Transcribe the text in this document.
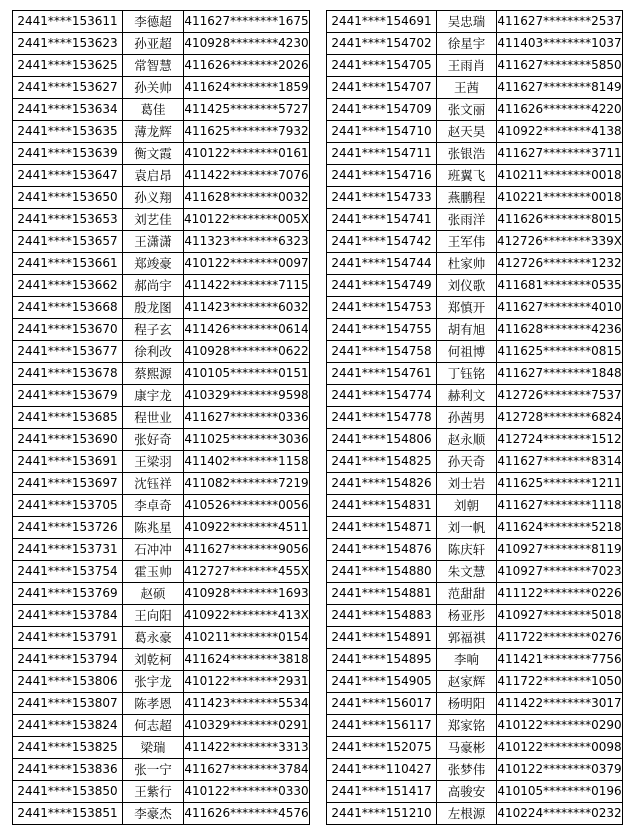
2441****153611	李德超	411627********1675
2441****153623	孙亚超	410928********4230
2441****153625	常智慧	411626********2026
2441****153627	孙关帅	411624********1859
2441****153634	葛佳	411425********5727
2441****153635	薄龙辉	411625********7932
2441****153639	衡文霞	410122********0161
2441****153647	袁启昂	411422********7076
2441****153650	孙义翔	411628********0032
2441****153653	刘艺佳	410122********005X
2441****153657	王潇潇	411323********6323
2441****153661	郑竣豪	410122********0097
2441****153662	郝尚宇	411422********7115
2441****153668	殷龙图	411423********6032
2441****153670	程子玄	411426********0614
2441****153677	徐利改	410928********0622
2441****153678	蔡熙源	410105********0151
2441****153679	康宇龙	410329********9598
2441****153685	程世业	411627********0336
2441****153690	张好奇	411025********3036
2441****153691	王梁羽	411402********1158
2441****153697	沈钰祥	411082********7219
2441****153705	李卓奇	410526********0056
2441****153726	陈兆星	410922********4511
2441****153731	石冲冲	411627********9056
2441****153754	霍玉帅	412727********455X
2441****153769	赵硕	410928********1693
2441****153784	王向阳	410922********413X
2441****153791	葛永豪	410211********0154
2441****153794	刘乾柯	411624********3818
2441****153806	张宇龙	410122********2931
2441****153807	陈孝恩	411423********5534
2441****153824	何志超	410329********0291
2441****153825	梁瑞	411422********3313
2441****153836	张一宁	411627********3784
2441****153850	王紫行	410122********0330
2441****153851	李豪杰	411626********4576
2441****154691	吴忠瑞	411627********2537
2441****154702	徐星宇	411403********1037
2441****154705	王雨肖	411627********5850
2441****154707	王茜	411627********8149
2441****154709	张文丽	411626********4220
2441****154710	赵天昊	410922********4138
2441****154711	张银浩	411627********3711
2441****154716	班翼飞	410211********0018
2441****154733	燕鹏程	410221********0018
2441****154741	张雨洋	411626********8015
2441****154742	王军伟	412726********339X
2441****154744	杜家帅	412726********1232
2441****154749	刘仪歌	411681********0535
2441****154753	郑慎开	411627********4010
2441****154755	胡有旭	411628********4236
2441****154758	何祖博	411625********0815
2441****154761	丁钰铭	411627********1848
2441****154774	赫利文	412726********7537
2441****154778	孙茜男	412728********6824
2441****154806	赵永顺	412724********1512
2441****154825	孙天奇	411627********8314
2441****154826	刘士岩	411625********1211
2441****154831	刘朝	411627********1118
2441****154871	刘一帆	411624********5218
2441****154876	陈庆轩	410927********8119
2441****154880	朱文慧	410927********7023
2441****154881	范甜甜	411122********0226
2441****154883	杨亚彤	410927********5018
2441****154891	郭福祺	411722********0276
2441****154895	李响	411421********7756
2441****154905	赵家辉	411722********1050
2441****156017	杨明阳	411422********3017
2441****156117	郑家铭	410122********0290
2441****152075	马豪彬	410122********0098
2441****110427	张梦伟	410122********0379
2441****151417	高骏安	410105********0196
2441****151210	左根源	410224********0232
